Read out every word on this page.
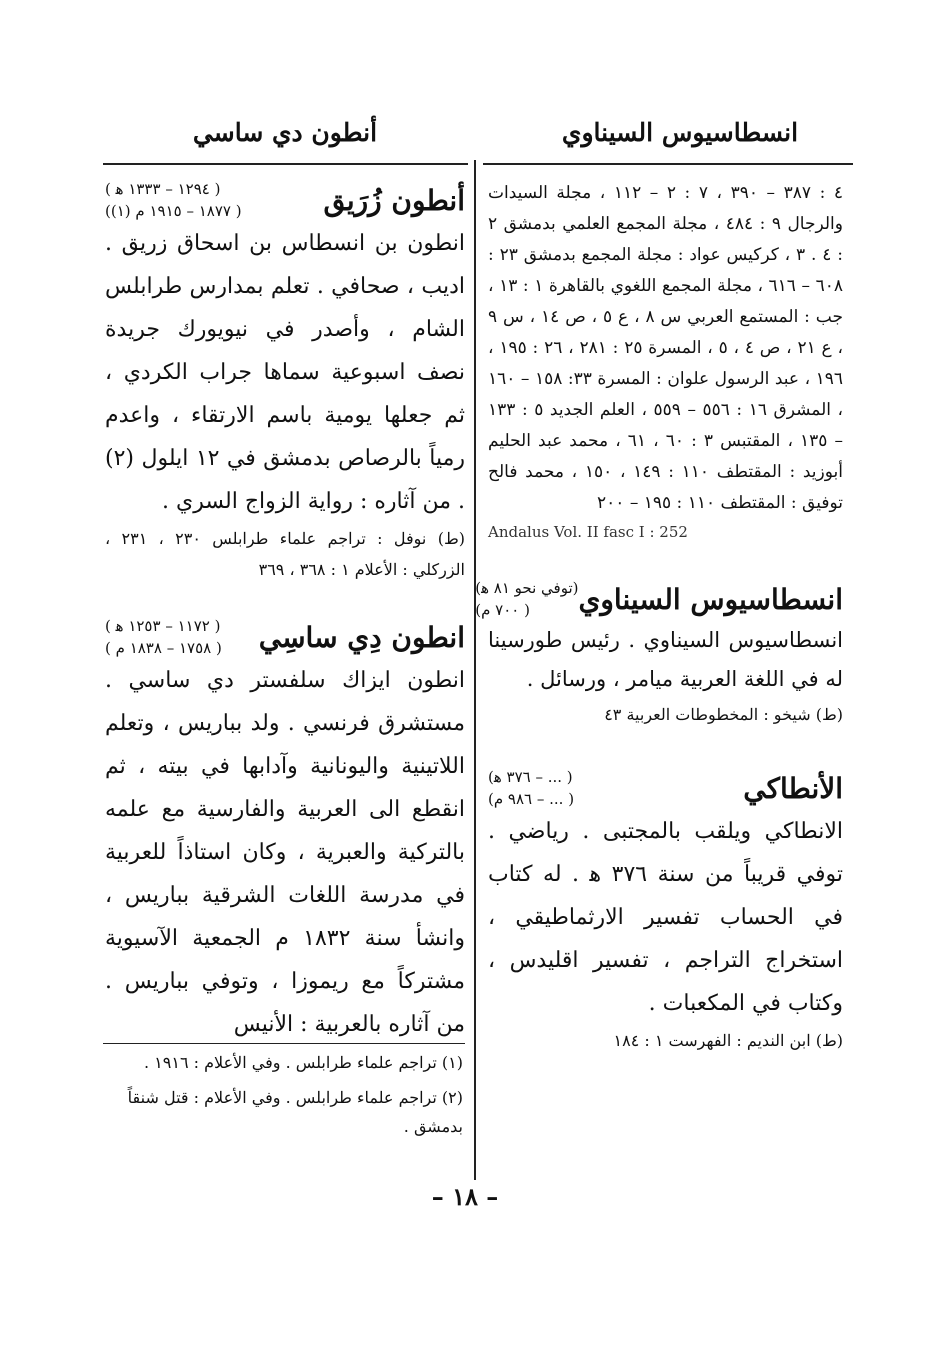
انسطاسيوس السيناوي
أنطون دي ساسي

٤ : ٣٨٧ – ٣٩٠ ، ٧ : ٢ – ١١٢ ، مجلة السيدات والرجال ٩ : ٤٨٤ ، مجلة المجمع العلمي بدمشق ٢ : ٤ . ٣ ، كركيس عواد : مجلة المجمع بدمشق ٢٣ : ٦٠٨ – ٦١٦ ، مجلة المجمع اللغوي بالقاهرة ١ : ١٣ ، جب : المستمع العربي س ٨ ، ع ٥ ، ص ١٤ ، س ٩ ، ع ٢١ ، ص ٤ ، ٥ ، المسرة ٢٥ : ٢٨١ ، ٢٦ : ١٩٥ ، ١٩٦ ، عبد الرسول علوان : المسرة ٣٣: ١٥٨ – ١٦٠ ، المشرق ١٦ : ٥٥٦ – ٥٥٩ ، العلم الجديد ٥ : ١٣٣ – ١٣٥ ، المقتبس ٣ : ٦٠ ، ٦١ ، محمد عبد الحليم أبوزيد : المقتطف ١١٠ : ١٤٩ ، ١٥٠ ، محمد فالح توفيق : المقتطف ١١٠ : ١٩٥ – ٢٠٠

Andalus Vol. II fasc I : 252

انسطاسيوس السيناوي
(توفي نحو ٨١ ﻫ)
( ٧٠٠ م)

انسطاسيوس السيناوي . رئيس طورسينا له في اللغة العربية ميامر ، ورسائل .

(ط) شيخو : المخطوطات العربية ٤٣

الأنطاكي
( ... – ٣٧٦ ﻫ)
( ... – ٩٨٦ م)

الانطاكي ويلقب بالمجتبى . رياضي . توفي قريباً من سنة ٣٧٦ ﻫ . له كتاب في الحساب تفسير الارثماطيقي ، استخراج التراجم ، تفسير اقليدس ، وكتاب في المكعبات .

(ط) ابن النديم : الفهرست ١ : ١٨٤

أنطون زُرَيق
( ١٢٩٤ – ١٣٣٣ ﻫ )
( ١٨٧٧ – ١٩١٥ م (١))

انطون بن انسطاس بن اسحاق زريق . اديب ، صحافي . تعلم بمدارس طرابلس الشام ، وأصدر في نيويورك جريدة نصف اسبوعية سماها جراب الكردي ، ثم جعلها يومية باسم الارتقاء ، واعدم رمياً بالرصاص بدمشق في ١٢ ايلول (٢) . من آثاره : رواية الزواج السري .

(ط) نوفل : تراجم علماء طرابلس ٢٣٠ ، ٢٣١ ، الزركلي : الأعلام ١ : ٣٦٨ ، ٣٦٩

انطون دِي ساسِي
( ١١٧٢ – ١٢٥٣ ﻫ )
( ١٧٥٨ – ١٨٣٨ م )

انطون ايزاك سلفستر دي ساسي . مستشرق فرنسي . ولد بباريس ، وتعلم اللاتينية واليونانية وآدابها في بيته ، ثم انقطع الى العربية والفارسية مع علمه بالتركية والعبرية ، وكان استاذاً للعربية في مدرسة اللغات الشرقية بباريس ، وانشأ سنة ١٨٣٢ م الجمعية الآسيوية مشتركاً مع ريموزا ، وتوفي بباريس . من آثاره بالعربية : الأنيس

(١) تراجم علماء طرابلس . وفي الأعلام : ١٩١٦ .

(٢) تراجم علماء طرابلس . وفي الأعلام : قتل شنقاً بدمشق .

– ١٨ –
